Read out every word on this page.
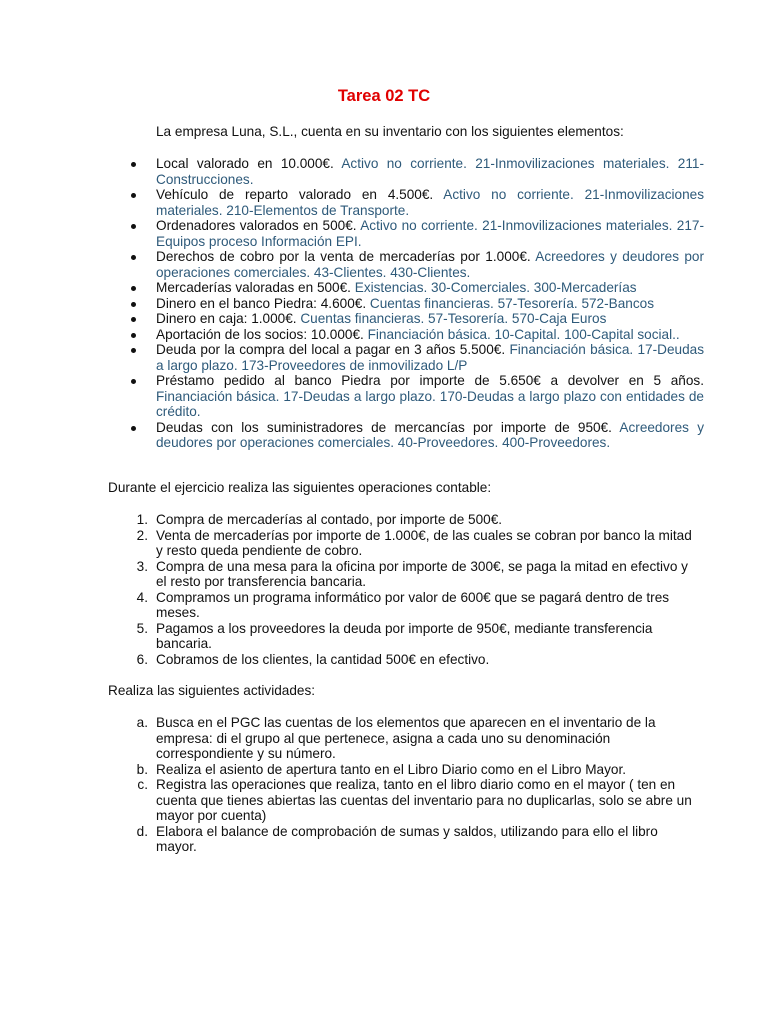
Tarea 02 TC
La empresa Luna, S.L., cuenta en su inventario con los siguientes elementos:
Local valorado en 10.000€. Activo no corriente. 21-Inmovilizaciones materiales. 211-Construcciones.
Vehículo de reparto valorado en 4.500€. Activo no corriente. 21-Inmovilizaciones materiales. 210-Elementos de Transporte.
Ordenadores valorados en 500€. Activo no corriente. 21-Inmovilizaciones materiales. 217-Equipos proceso Información EPI.
Derechos de cobro por la venta de mercaderías por 1.000€. Acreedores y deudores por operaciones comerciales. 43-Clientes. 430-Clientes.
Mercaderías valoradas en 500€. Existencias. 30-Comerciales. 300-Mercaderías
Dinero en el banco Piedra: 4.600€. Cuentas financieras. 57-Tesorería. 572-Bancos
Dinero en caja: 1.000€. Cuentas financieras. 57-Tesorería. 570-Caja Euros
Aportación de los socios: 10.000€. Financiación básica. 10-Capital. 100-Capital social..
Deuda por la compra del local a pagar en 3 años 5.500€. Financiación básica. 17-Deudas a largo plazo. 173-Proveedores de inmovilizado L/P
Préstamo pedido al banco Piedra por importe de 5.650€ a devolver en 5 años. Financiación básica. 17-Deudas a largo plazo. 170-Deudas a largo plazo con entidades de crédito.
Deudas con los suministradores de mercancías por importe de 950€. Acreedores y deudores por operaciones comerciales. 40-Proveedores. 400-Proveedores.
Durante el ejercicio realiza las siguientes operaciones contable:
1. Compra de mercaderías al contado, por importe de 500€.
2. Venta de mercaderías por importe de 1.000€, de las cuales se cobran por banco la mitad y resto queda pendiente de cobro.
3. Compra de una mesa para la oficina por importe de 300€, se paga la mitad en efectivo y el resto por transferencia bancaria.
4. Compramos un programa informático por valor de 600€ que se pagará dentro de tres meses.
5. Pagamos a los proveedores la deuda por importe de 950€, mediante transferencia bancaria.
6. Cobramos de los clientes, la cantidad 500€ en efectivo.
Realiza las siguientes actividades:
a. Busca en el PGC las cuentas de los elementos que aparecen en el inventario de la empresa: di el grupo al que pertenece, asigna a cada uno su denominación correspondiente y su número.
b. Realiza el asiento de apertura tanto en el Libro Diario como en el Libro Mayor.
c. Registra las operaciones que realiza, tanto en el libro diario como en el mayor ( ten en cuenta que tienes abiertas las cuentas del inventario para no duplicarlas, solo se abre un mayor por cuenta)
d. Elabora el balance de comprobación de sumas y saldos, utilizando para ello el libro mayor.
